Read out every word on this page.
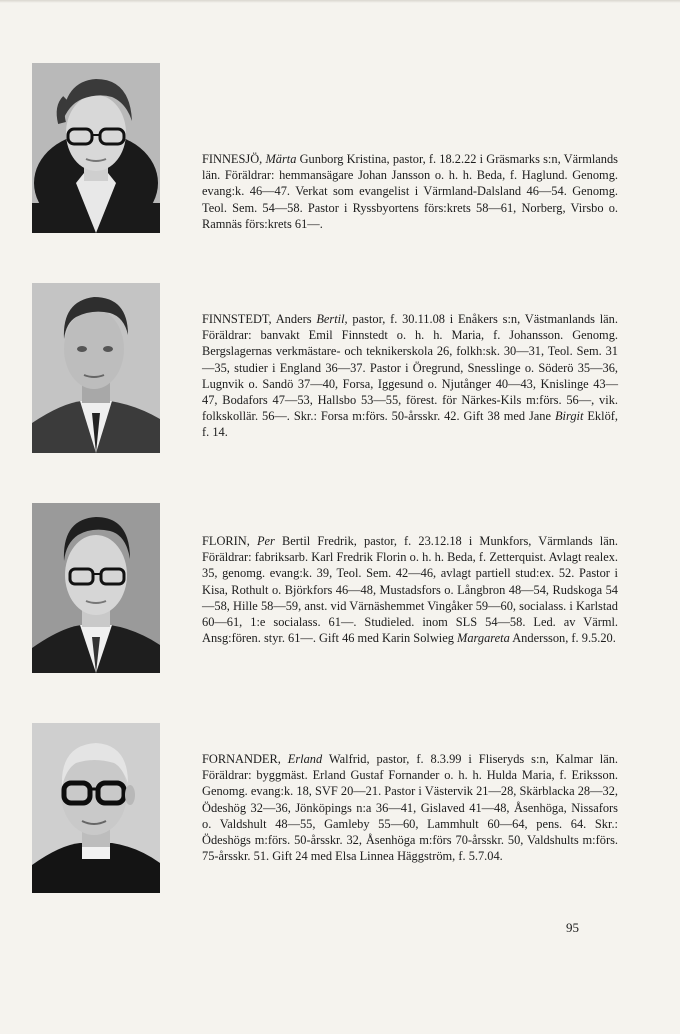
FINNESJÖ, Märta Gunborg Kristina, pastor, f. 18.2.22 i Gräsmarks s:n, Värmlands län. Föräldrar: hemmansägare Johan Jansson o. h. h. Beda, f. Haglund. Genomg. evang:k. 46—47. Verkat som evangelist i Värmland-Dalsland 46—54. Genomg. Teol. Sem. 54—58. Pastor i Ryssbyortens förs:krets 58—61, Norberg, Virsbo o. Ramnäs förs:krets 61—.
FINNSTEDT, Anders Bertil, pastor, f. 30.11.08 i Enåkers s:n, Västmanlands län. Föräldrar: banvakt Emil Finnstedt o. h. h. Maria, f. Johansson. Genomg. Bergslagernas verkmästare- och teknikerskola 26, folkh:sk. 30—31, Teol. Sem. 31—35, studier i England 36—37. Pastor i Öregrund, Snesslinge o. Söderö 35—36, Lugnvik o. Sandö 37—40, Forsa, Iggesund o. Njutånger 40—43, Knislinge 43—47, Bodafors 47—53, Hallsbo 53—55, förest. för Närkes-Kils m:förs. 56—, vik. folkskollär. 56—. Skr.: Forsa m:förs. 50-årsskr. 42. Gift 38 med Jane Birgit Eklöf, f. 14.
FLORIN, Per Bertil Fredrik, pastor, f. 23.12.18 i Munkfors, Värmlands län. Föräldrar: fabriksarb. Karl Fredrik Florin o. h. h. Beda, f. Zetterquist. Avlagt realex. 35, genomg. evang:k. 39, Teol. Sem. 42—46, avlagt partiell stud:ex. 52. Pastor i Kisa, Rothult o. Björkfors 46—48, Mustadsfors o. Långbron 48—54, Rudskoga 54—58, Hille 58—59, anst. vid Värnäshemmet Vingåker 59—60, socialass. i Karlstad 60—61, 1:e socialass. 61—. Studieled. inom SLS 54—58. Led. av Värml. Ansg:fören. styr. 61—. Gift 46 med Karin Solwieg Margareta Andersson, f. 9.5.20.
FORNANDER, Erland Walfrid, pastor, f. 8.3.99 i Fliseryds s:n, Kalmar län. Föräldrar: byggmäst. Erland Gustaf Fornander o. h. h. Hulda Maria, f. Eriksson. Genomg. evang:k. 18, SVF 20—21. Pastor i Västervik 21—28, Skärblacka 28—32, Ödeshög 32—36, Jönköpings n:a 36—41, Gislaved 41—48, Åsenhöga, Nissafors o. Valdshult 48—55, Gamleby 55—60, Lammhult 60—64, pens. 64. Skr.: Ödeshögs m:förs. 50-årsskr. 32, Åsenhöga m:förs 70-årsskr. 50, Valdshults m:förs. 75-årsskr. 51. Gift 24 med Elsa Linnea Häggström, f. 5.7.04.
95
